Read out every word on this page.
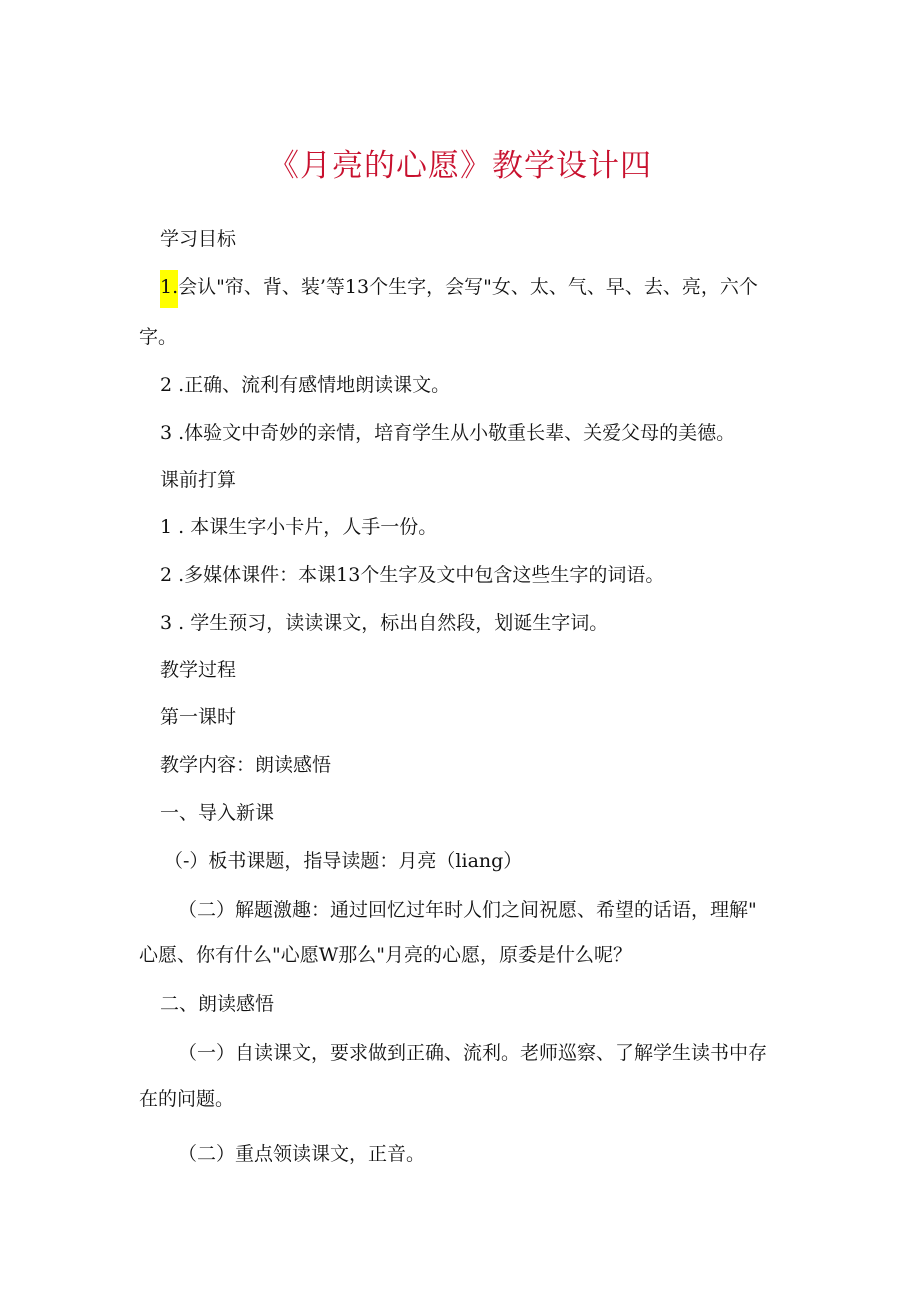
《月亮的心愿》教学设计四
学习目标
1.会认"帘、背、装’等13个生字，会写"女、太、气、早、去、亮，六个
字。
2 .正确、流利有感情地朗读课文。
3 .体验文中奇妙的亲情，培育学生从小敬重长辈、关爱父母的美德。
课前打算
1 . 本课生字小卡片，人手一份。
2 .多媒体课件：本课13个生字及文中包含这些生字的词语。
3 . 学生预习，读读课文，标出自然段，划诞生字词。
教学过程
第一课时
教学内容：朗读感悟
一、导入新课
（-）板书课题，指导读题：月亮（liang）
（二）解题激趣：通过回忆过年时人们之间祝愿、希望的话语，理解"
心愿、你有什么"心愿W那么"月亮的心愿，原委是什么呢？
二、朗读感悟
（一）自读课文，要求做到正确、流利。老师巡察、了解学生读书中存
在的问题。
（二）重点领读课文，正音。
